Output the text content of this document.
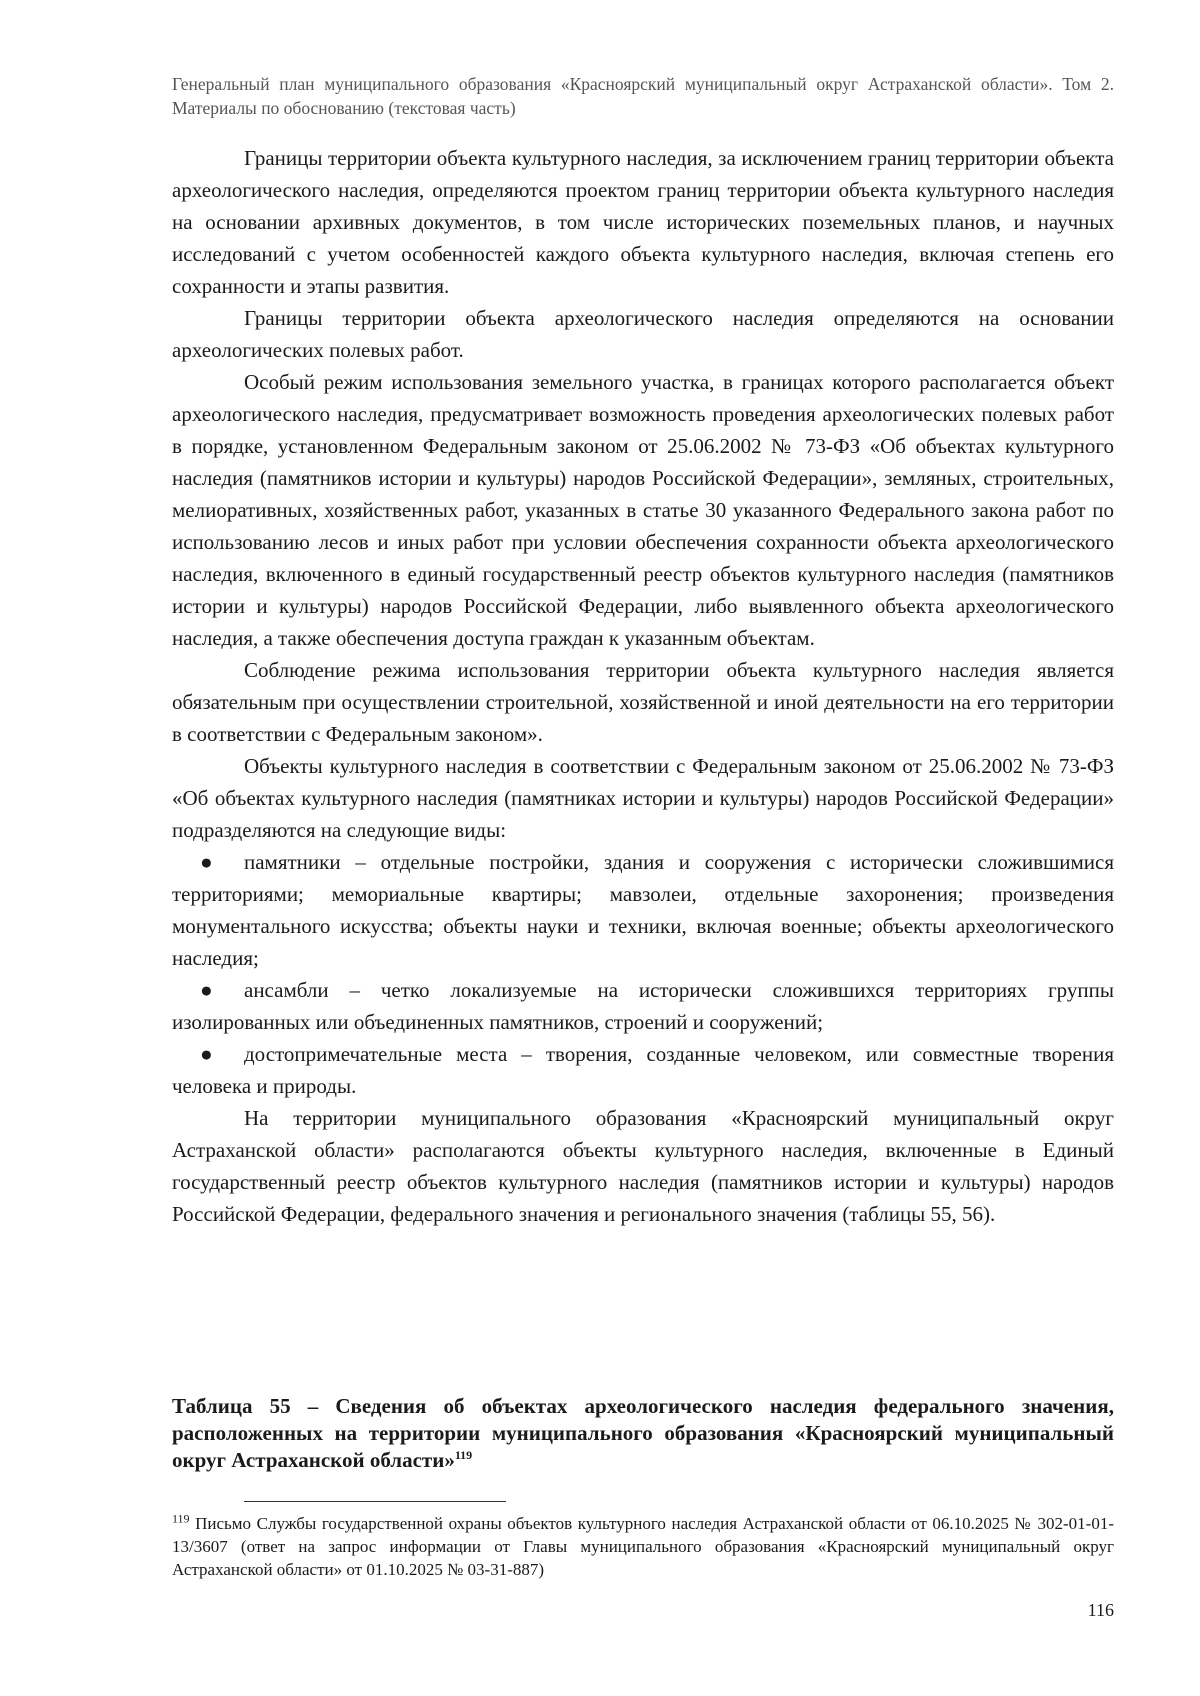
Генеральный план муниципального образования «Красноярский муниципальный округ Астраханской области». Том 2. Материалы по обоснованию (текстовая часть)

Границы территории объекта культурного наследия, за исключением границ территории объекта археологического наследия, определяются проектом границ территории объекта культурного наследия на основании архивных документов, в том числе исторических поземельных планов, и научных исследований с учетом особенностей каждого объекта культурного наследия, включая степень его сохранности и этапы развития.

Границы территории объекта археологического наследия определяются на основании археологических полевых работ.

Особый режим использования земельного участка, в границах которого располагается объект археологического наследия, предусматривает возможность проведения археологических полевых работ в порядке, установленном Федеральным законом от 25.06.2002 № 73-ФЗ «Об объектах культурного наследия (памятников истории и культуры) народов Российской Федерации», земляных, строительных, мелиоративных, хозяйственных работ, указанных в статье 30 указанного Федерального закона работ по использованию лесов и иных работ при условии обеспечения сохранности объекта археологического наследия, включенного в единый государственный реестр объектов культурного наследия (памятников истории и культуры) народов Российской Федерации, либо выявленного объекта археологического наследия, а также обеспечения доступа граждан к указанным объектам.

Соблюдение режима использования территории объекта культурного наследия является обязательным при осуществлении строительной, хозяйственной и иной деятельности на его территории в соответствии с Федеральным законом».

Объекты культурного наследия в соответствии с Федеральным законом от 25.06.2002 № 73-ФЗ «Об объектах культурного наследия (памятниках истории и культуры) народов Российской Федерации» подразделяются на следующие виды:

● памятники – отдельные постройки, здания и сооружения с исторически сложившимися территориями; мемориальные квартиры; мавзолеи, отдельные захоронения; произведения монументального искусства; объекты науки и техники, включая военные; объекты археологического наследия;
● ансамбли – четко локализуемые на исторически сложившихся территориях группы изолированных или объединенных памятников, строений и сооружений;
● достопримечательные места – творения, созданные человеком, или совместные творения человека и природы.

На территории муниципального образования «Красноярский муниципальный округ Астраханской области» располагаются объекты культурного наследия, включенные в Единый государственный реестр объектов культурного наследия (памятников истории и культуры) народов Российской Федерации, федерального значения и регионального значения (таблицы 55, 56).

Таблица 55 – Сведения об объектах археологического наследия федерального значения, расположенных на территории муниципального образования «Красноярский муниципальный округ Астраханской области»$^{119}$
$^{119}$ Письмо Службы государственной охраны объектов культурного наследия Астраханской области от 06.10.2025 № 302-01-01-13/3607 (ответ на запрос информации от Главы муниципального образования «Красноярский муниципальный округ Астраханской области» от 01.10.2025 № 03-31-887)
116
